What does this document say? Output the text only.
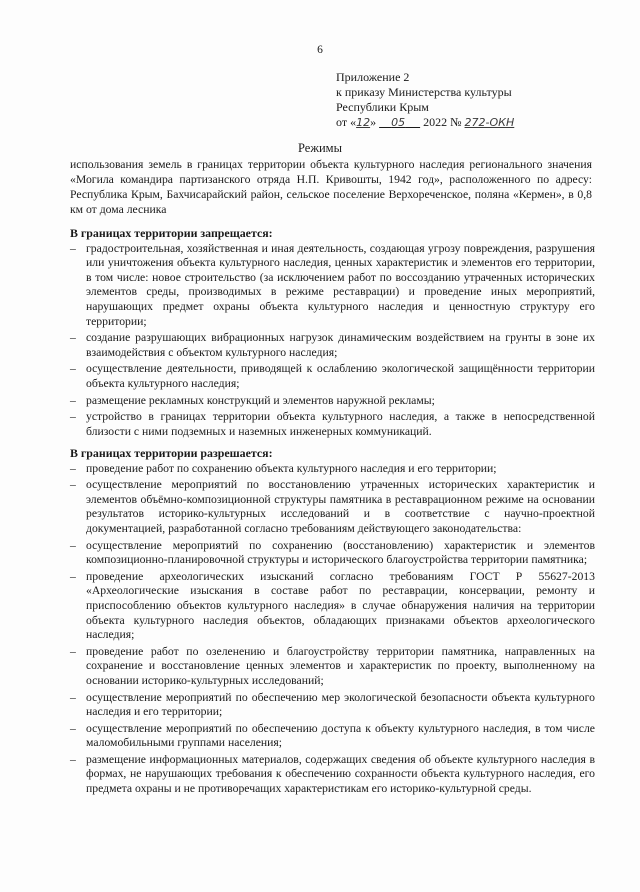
6
Приложение 2
к приказу Министерства культуры
Республики Крым
от «12» 05 2022 № 272-ОКН
Режимы
использования земель в границах территории объекта культурного наследия регионального значения «Могила командира партизанского отряда Н.П. Кривошты, 1942 год», расположенного по адресу: Республика Крым, Бахчисарайский район, сельское поселение Верхореченское, поляна «Кермен», в 0,8 км от дома лесника
В границах территории запрещается:
– градостроительная, хозяйственная и иная деятельность, создающая угрозу повреждения, разрушения или уничтожения объекта культурного наследия, ценных характеристик и элементов его территории, в том числе: новое строительство (за исключением работ по воссозданию утраченных исторических элементов среды, производимых в режиме реставрации) и проведение иных мероприятий, нарушающих предмет охраны объекта культурного наследия и ценностную структуру его территории;
– создание разрушающих вибрационных нагрузок динамическим воздействием на грунты в зоне их взаимодействия с объектом культурного наследия;
– осуществление деятельности, приводящей к ослаблению экологической защищённости территории объекта культурного наследия;
– размещение рекламных конструкций и элементов наружной рекламы;
– устройство в границах территории объекта культурного наследия, а также в непосредственной близости с ними подземных и наземных инженерных коммуникаций.
В границах территории разрешается:
– проведение работ по сохранению объекта культурного наследия и его территории;
– осуществление мероприятий по восстановлению утраченных исторических характеристик и элементов объёмно-композиционной структуры памятника в реставрационном режиме на основании результатов историко-культурных исследований и в соответствие с научно-проектной документацией, разработанной согласно требованиям действующего законодательства:
– осуществление мероприятий по сохранению (восстановлению) характеристик и элементов композиционно-планировочной структуры и исторического благоустройства территории памятника;
– проведение археологических изысканий согласно требованиям ГОСТ Р 55627-2013 «Археологические изыскания в составе работ по реставрации, консервации, ремонту и приспособлению объектов культурного наследия» в случае обнаружения наличия на территории объекта культурного наследия объектов, обладающих признаками объектов археологического наследия;
– проведение работ по озеленению и благоустройству территории памятника, направленных на сохранение и восстановление ценных элементов и характеристик по проекту, выполненному на основании историко-культурных исследований;
– осуществление мероприятий по обеспечению мер экологической безопасности объекта культурного наследия и его территории;
– осуществление мероприятий по обеспечению доступа к объекту культурного наследия, в том числе маломобильными группами населения;
– размещение информационных материалов, содержащих сведения об объекте культурного наследия в формах, не нарушающих требования к обеспечению сохранности объекта культурного наследия, его предмета охраны и не противоречащих характеристикам его историко-культурной среды.
